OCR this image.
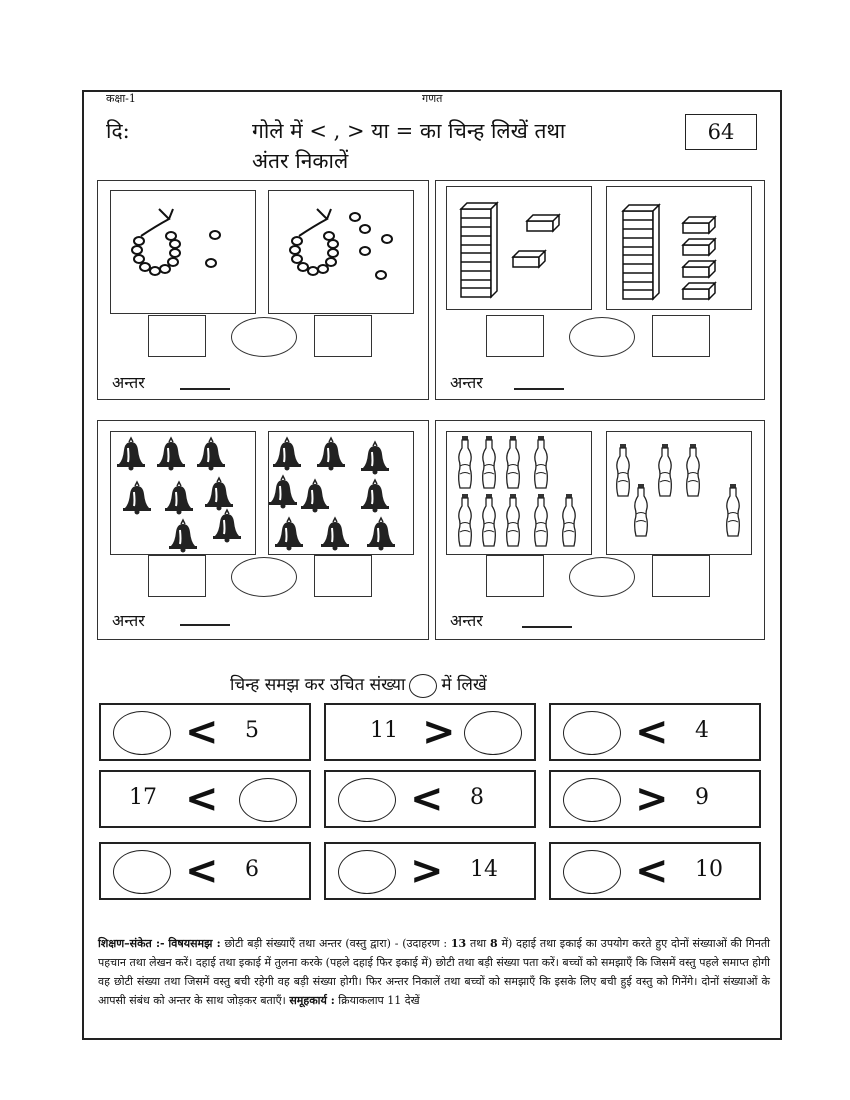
कक्षा-1	गणत
दि:	गोले में < , > या = का चिन्ह लिखें तथा
अंतर निकालें
64
अन्तर	अन्तर
अन्तर	अन्तर
चिन्ह समझ कर उचित संख्या में लिखें
< 5	11 >	< 4
17 <	< 8	> 9
< 6	> 14	< 10
शिक्षण–संकेत :- विषयसमझ : छोटी बड़ी संख्याएँ तथा अन्तर (वस्तु द्वारा) - (उदाहरण : 13 तथा 8 में) दहाई तथा इकाई का उपयोग करते हुए दोनों संख्याओं की गिनती पहचान तथा लेखन करें। दहाई तथा इकाई में तुलना करके (पहले दहाई फिर इकाई में) छोटी तथा बड़ी संख्या पता करें। बच्चों को समझाएँ कि जिसमें वस्तु पहले समाप्त होगी वह छोटी संख्या तथा जिसमें वस्तु बची रहेगी वह बड़ी संख्या होगी। फिर अन्तर निकालें तथा बच्चों को समझाएँ कि इसके लिए बची हुई वस्तु को गिनेंगे। दोनों संख्याओं के आपसी संबंध को अन्तर के साथ जोड़कर बताएँ। समूहकार्य : क्रियाकलाप 11 देखें
